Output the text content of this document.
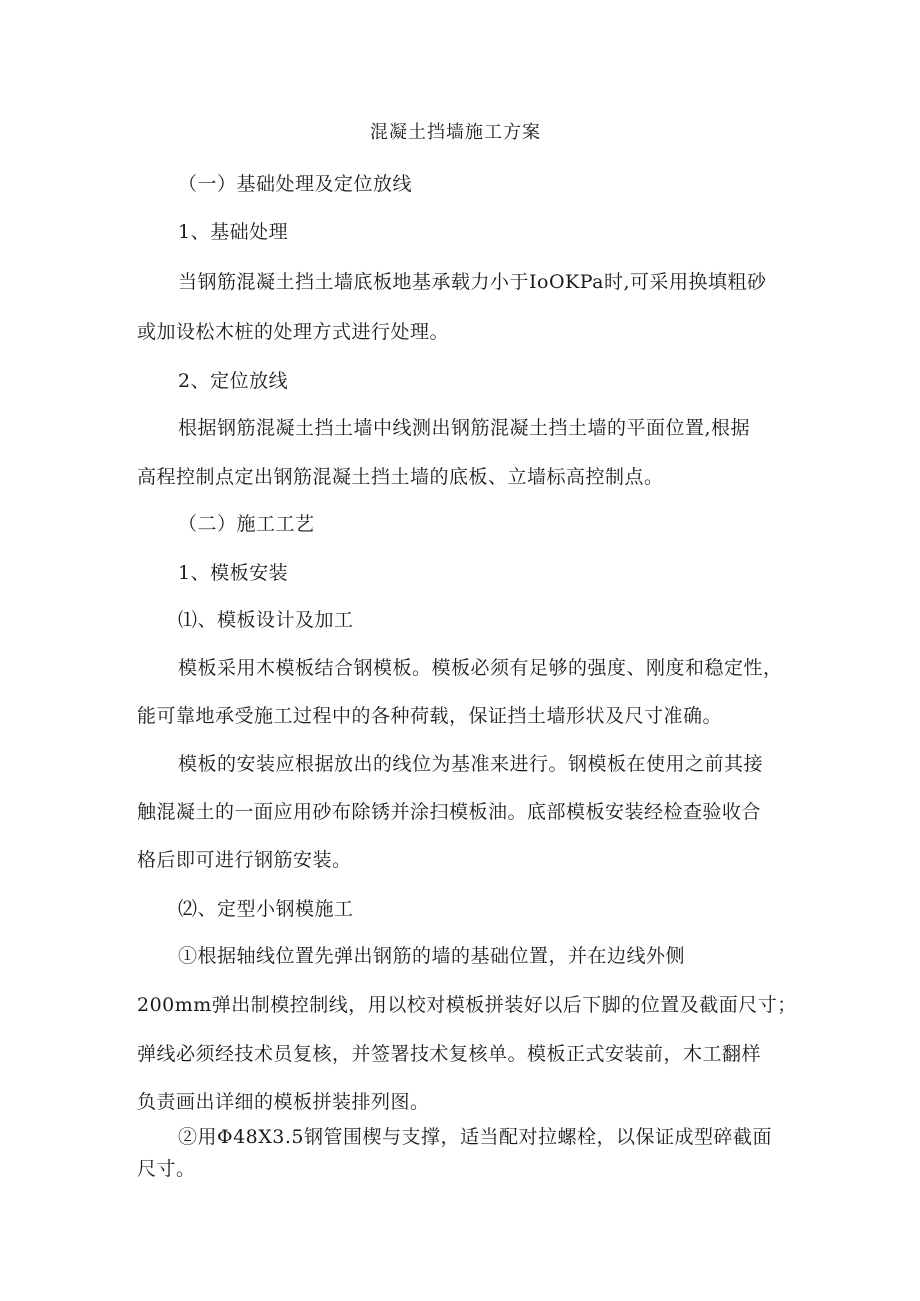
混凝土挡墙施工方案
（一）基础处理及定位放线
1、基础处理
当钢筋混凝土挡土墙底板地基承载力小于IoOKPa时,可采用换填粗砂
或加设松木桩的处理方式进行处理。
2、定位放线
根据钢筋混凝土挡土墙中线测出钢筋混凝土挡土墙的平面位置,根据
高程控制点定出钢筋混凝土挡土墙的底板、立墙标高控制点。
（二）施工工艺
1、模板安装
⑴、模板设计及加工
模板采用木模板结合钢模板。模板必须有足够的强度、刚度和稳定性，
能可靠地承受施工过程中的各种荷载，保证挡土墙形状及尺寸准确。
模板的安装应根据放出的线位为基准来进行。钢模板在使用之前其接
触混凝土的一面应用砂布除锈并涂扫模板油。底部模板安装经检查验收合
格后即可进行钢筋安装。
⑵、定型小钢模施工
①根据轴线位置先弹出钢筋的墙的基础位置，并在边线外侧
200mm弹出制模控制线，用以校对模板拼装好以后下脚的位置及截面尺寸；
弹线必须经技术员复核，并签署技术复核单。模板正式安装前，木工翻样
负责画出详细的模板拼装排列图。
②用Φ48X3.5钢管围楔与支撑，适当配对拉螺栓，以保证成型碎截面
尺寸。
